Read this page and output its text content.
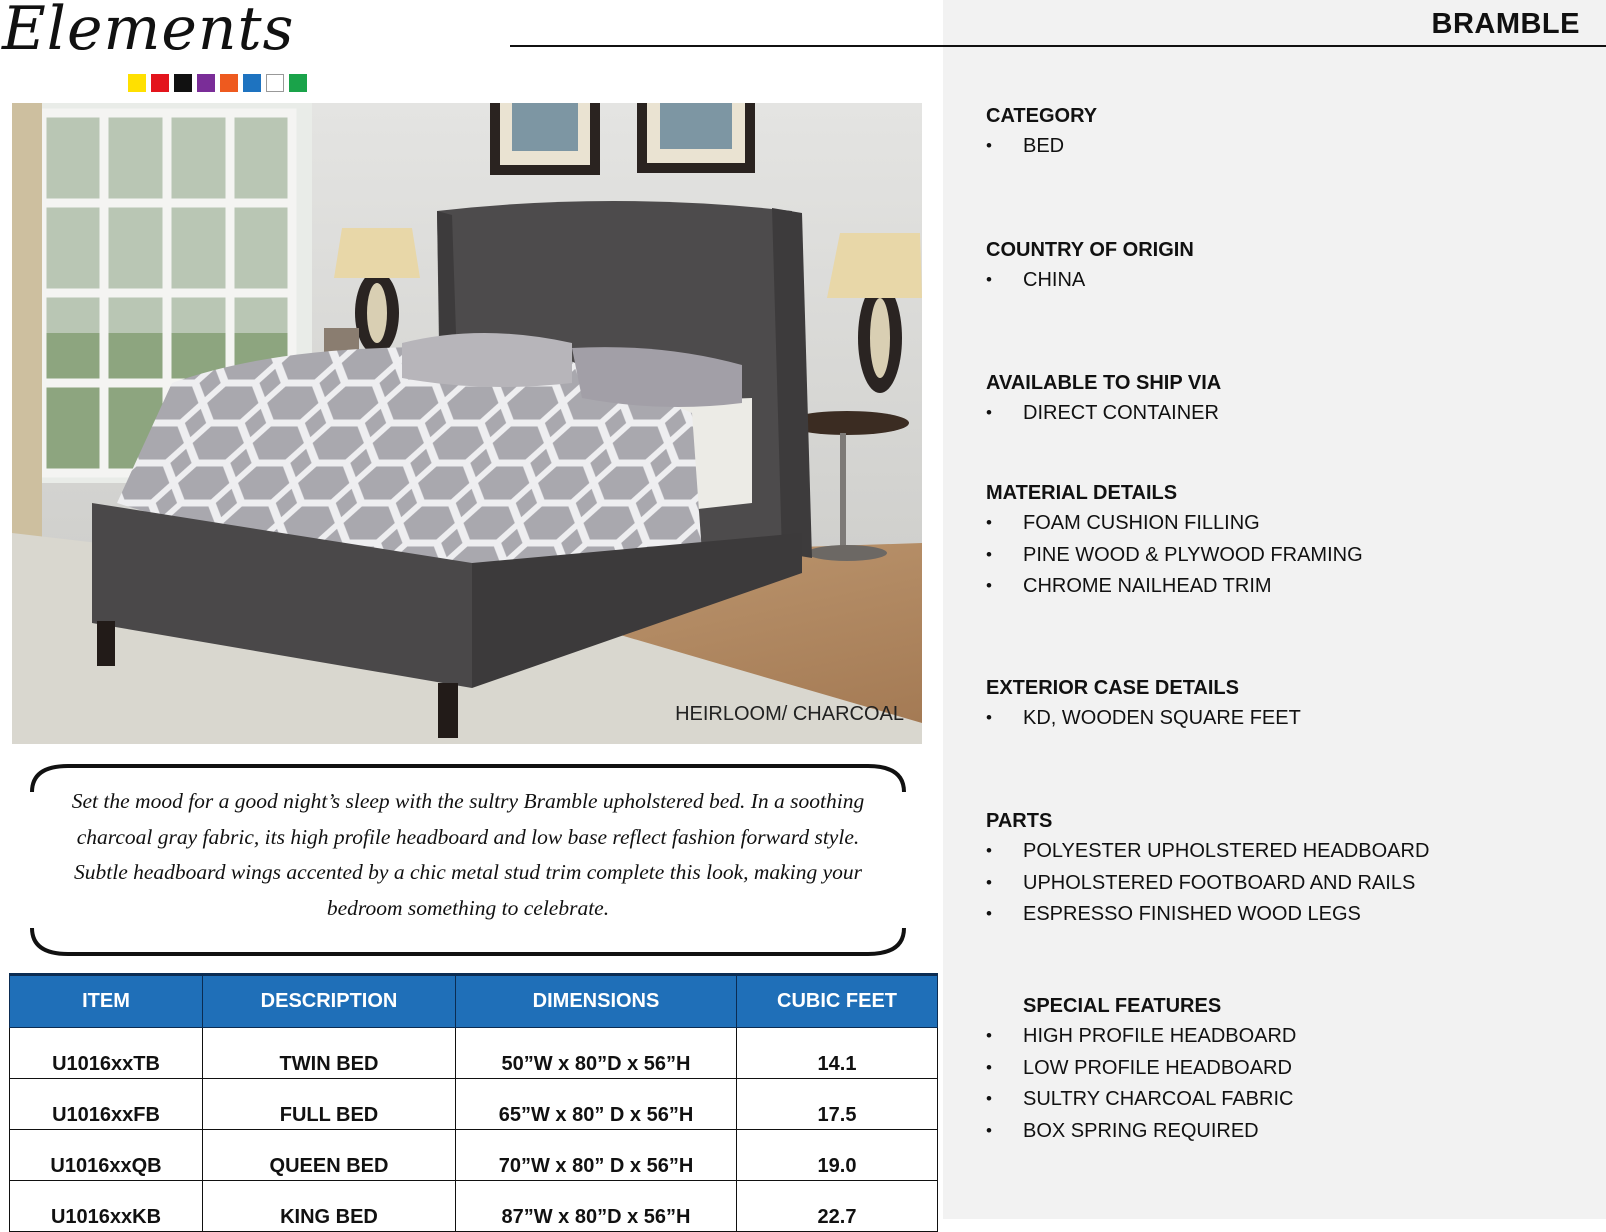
Elements	BRAMBLE
HEIRLOOM/ CHARCOAL
Set the mood for a good night’s sleep with the sultry Bramble upholstered bed. In a soothing charcoal gray fabric, its high profile headboard and low base reflect fashion forward style. Subtle headboard wings accented by a chic metal stud trim complete this look, making your bedroom something to celebrate.
ITEM	DESCRIPTION	DIMENSIONS	CUBIC FEET
U1016xxTB	TWIN BED	50”W x 80”D x 56”H	14.1
U1016xxFB	FULL BED	65”W x 80” D x 56”H	17.5
U1016xxQB	QUEEN BED	70”W x 80” D x 56”H	19.0
U1016xxKB	KING BED	87”W x 80”D x 56”H	22.7
CATEGORY
• BED
COUNTRY OF ORIGIN
• CHINA
AVAILABLE TO SHIP VIA
• DIRECT CONTAINER
MATERIAL DETAILS
• FOAM CUSHION FILLING
• PINE WOOD & PLYWOOD FRAMING
• CHROME NAILHEAD TRIM
EXTERIOR CASE DETAILS
• KD, WOODEN SQUARE FEET
PARTS
• POLYESTER UPHOLSTERED HEADBOARD
• UPHOLSTERED FOOTBOARD AND RAILS
• ESPRESSO FINISHED WOOD LEGS
SPECIAL FEATURES
• HIGH PROFILE HEADBOARD
• LOW PROFILE HEADBOARD
• SULTRY CHARCOAL FABRIC
• BOX SPRING REQUIRED
